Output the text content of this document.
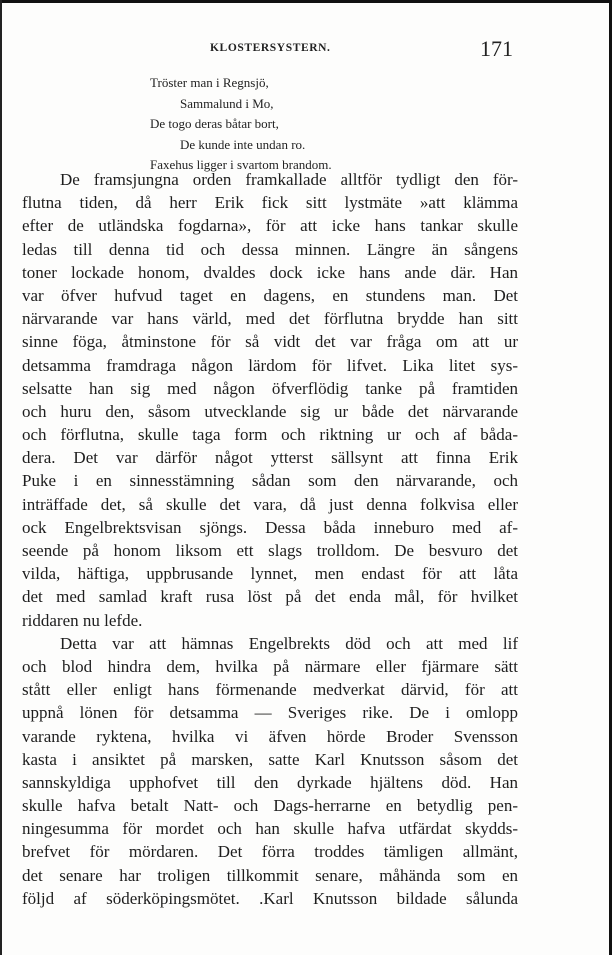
KLOSTERSYSTERN.	171
Tröster man i Regnsjö,
Sammalund i Mo,
De togo deras båtar bort,
De kunde inte undan ro.
Faxehus ligger i svartom brandom.
De framsjungna orden framkallade alltför tydligt den för-
flutna tiden, då herr Erik fick sitt lystmäte »att klämma
efter de utländska fogdarna», för att icke hans tankar skulle
ledas till denna tid och dessa minnen. Längre än sångens
toner lockade honom, dvaldes dock icke hans ande där. Han
var öfver hufvud taget en dagens, en stundens man. Det
närvarande var hans värld, med det förflutna brydde han sitt
sinne föga, åtminstone för så vidt det var fråga om att ur
detsamma framdraga någon lärdom för lifvet. Lika litet sys-
selsatte han sig med någon öfverflödig tanke på framtiden
och huru den, såsom utvecklande sig ur både det närvarande
och förflutna, skulle taga form och riktning ur och af båda-
dera. Det var därför något ytterst sällsynt att finna Erik
Puke i en sinnesstämning sådan som den närvarande, och
inträffade det, så skulle det vara, då just denna folkvisa eller
ock Engelbrektsvisan sjöngs. Dessa båda inneburo med af-
seende på honom liksom ett slags trolldom. De besvuro det
vilda, häftiga, uppbrusande lynnet, men endast för att låta
det med samlad kraft rusa löst på det enda mål, för hvilket
riddaren nu lefde.
Detta var att hämnas Engelbrekts död och att med lif
och blod hindra dem, hvilka på närmare eller fjärmare sätt
stått eller enligt hans förmenande medverkat därvid, för att
uppnå lönen för detsamma — Sveriges rike. De i omlopp
varande ryktena, hvilka vi äfven hörde Broder Svensson
kasta i ansiktet på marsken, satte Karl Knutsson såsom det
sannskyldiga upphofvet till den dyrkade hjältens död. Han
skulle hafva betalt Natt- och Dags-herrarne en betydlig pen-
ningesumma för mordet och han skulle hafva utfärdat skydds-
brefvet för mördaren. Det förra troddes tämligen allmänt,
det senare har troligen tillkommit senare, måhända som en
följd af söderköpingsmötet. .Karl Knutsson bildade sålunda
